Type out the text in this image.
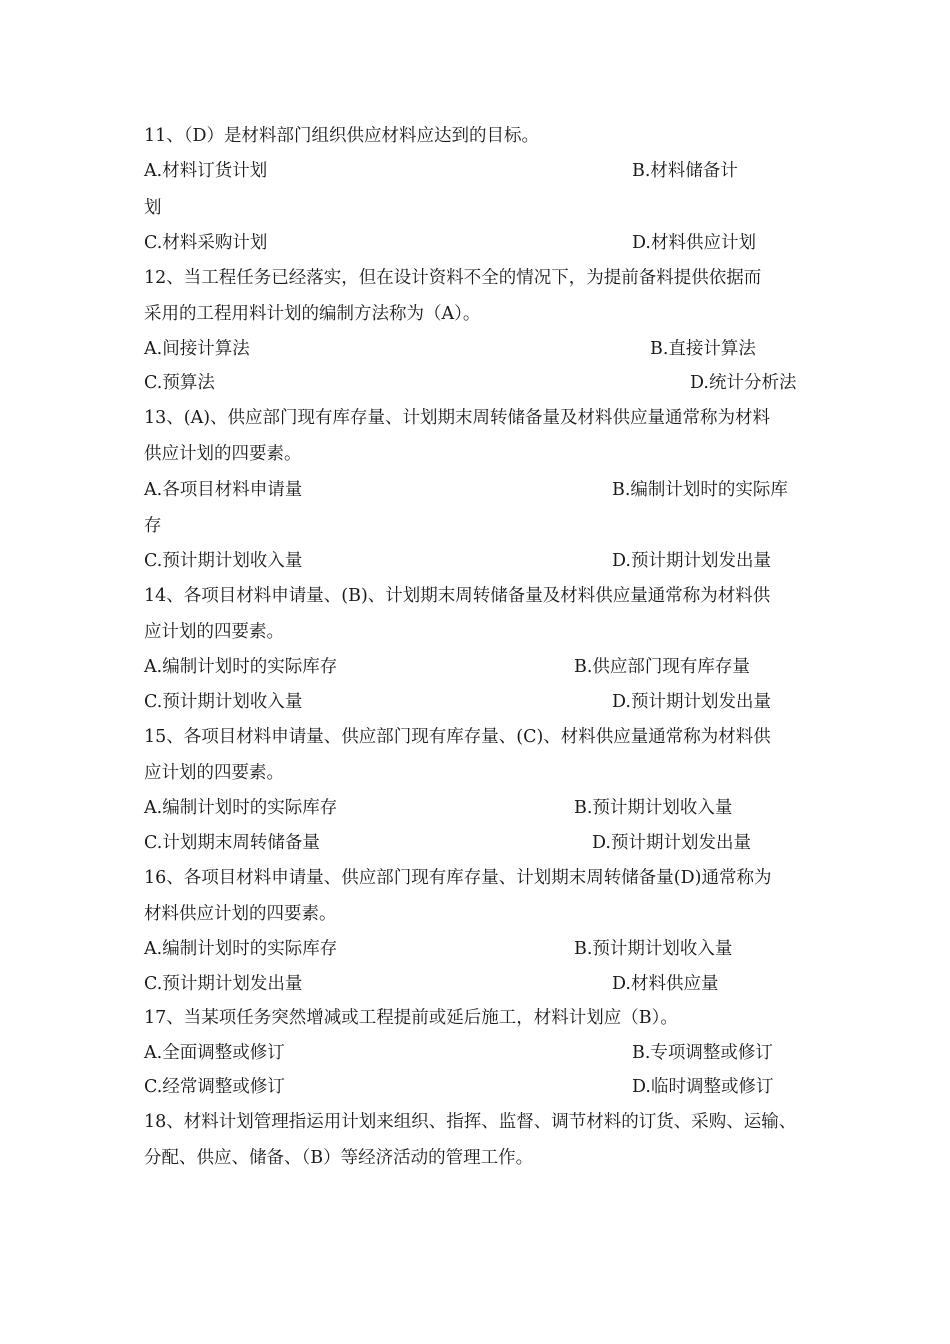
11、（D）是材料部门组织供应材料应达到的目标。
A.材料订货计划	B.材料储备计
划
C.材料采购计划	D.材料供应计划
12、当工程任务已经落实，但在设计资料不全的情况下，为提前备料提供依据而
采用的工程用料计划的编制方法称为（A）。
A.间接计算法	B.直接计算法
C.预算法	D.统计分析法
13、(A)、供应部门现有库存量、计划期末周转储备量及材料供应量通常称为材料
供应计划的四要素。
A.各项目材料申请量	B.编制计划时的实际库
存
C.预计期计划收入量	D.预计期计划发出量
14、各项目材料申请量、(B)、计划期末周转储备量及材料供应量通常称为材料供
应计划的四要素。
A.编制计划时的实际库存	B.供应部门现有库存量
C.预计期计划收入量	D.预计期计划发出量
15、各项目材料申请量、供应部门现有库存量、(C)、材料供应量通常称为材料供
应计划的四要素。
A.编制计划时的实际库存	B.预计期计划收入量
C.计划期末周转储备量	D.预计期计划发出量
16、各项目材料申请量、供应部门现有库存量、计划期末周转储备量(D)通常称为
材料供应计划的四要素。
A.编制计划时的实际库存	B.预计期计划收入量
C.预计期计划发出量	D.材料供应量
17、当某项任务突然增减或工程提前或延后施工，材料计划应（B）。
A.全面调整或修订	B.专项调整或修订
C.经常调整或修订	D.临时调整或修订
18、材料计划管理指运用计划来组织、指挥、监督、调节材料的订货、采购、运输、
分配、供应、储备、（B）等经济活动的管理工作。
